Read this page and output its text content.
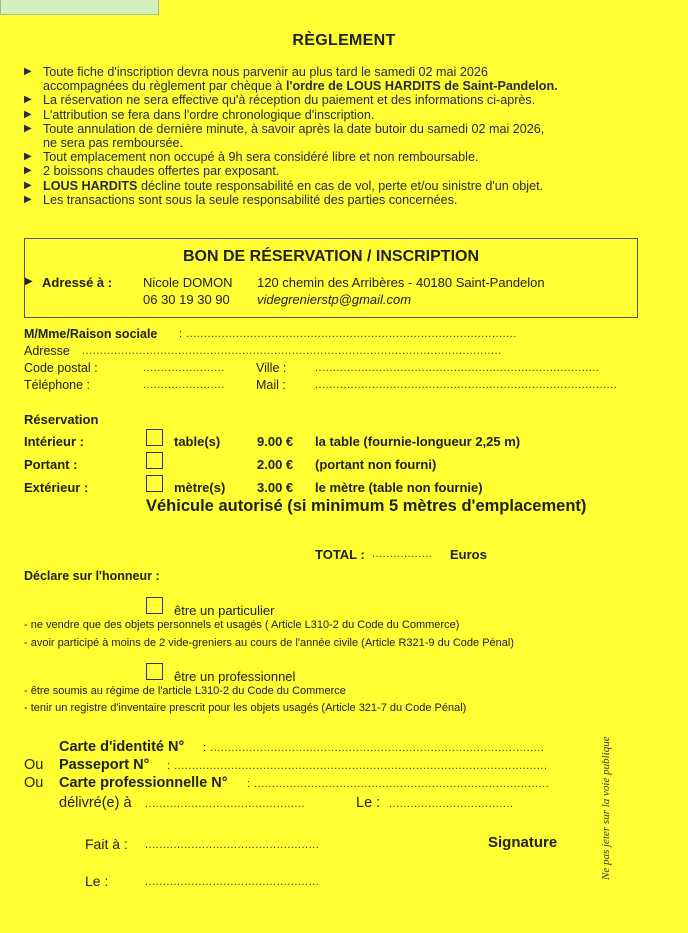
RÈGLEMENT
▶ Toute fiche d'inscription devra nous parvenir au plus tard le samedi 02 mai 2026
accompagnées du règlement par chèque à l'ordre de LOUS HARDITS de Saint-Pandelon.
▶ La réservation ne sera effective qu'à réception du paiement et des informations ci-après.
▶ L'attribution se fera dans l'ordre chronologique d'inscription.
▶ Toute annulation de dernière minute, à savoir après la date butoir du samedi 02 mai 2026,
ne sera pas remboursée.
▶ Tout emplacement non occupé à 9h sera considéré libre et non remboursable.
▶ 2 boissons chaudes offertes par exposant.
▶ LOUS HARDITS décline toute responsabilité en cas de vol, perte et/ou sinistre d'un objet.
▶ Les transactions sont sous la seule responsabilité des parties concernées.
BON DE RÉSERVATION / INSCRIPTION
▶ Adressé à : Nicole DOMON 120 chemin des Arribères - 40180 Saint-Pandelon
06 30 19 30 90 videgrenierstp@gmail.com
M/Mme/Raison sociale : .............................................................................................
Adresse ......................................................................................................................
Code postal :	....................... Ville :	................................................................................
Téléphone :	....................... Mail :	.....................................................................................
Réservation
Intérieur :	table(s)	9.00 € la table (fournie-longueur 2,25 m)
Portant :	2.00 € (portant non fourni)
Extérieur :	mètre(s) 3.00 € le mètre (table non fournie)
Véhicule autorisé (si minimum 5 mètres d'emplacement)
TOTAL : ................. Euros
Déclare sur l'honneur :
être un particulier
- ne vendre que des objets personnels et usagés ( Article L310-2 du Code du Commerce)
- avoir participé à moins de 2 vide-greniers au cours de l'année civile (Article R321-9 du Code Pénal)
être un professionnel
- être soumis au régime de l'article L310-2 du Code du Commerce
- tenir un registre d'inventaire prescrit pour les objets usagés (Article 321-7 du Code Pénal)
Carte d'identité N° : ..............................................................................................
Ou Passeport N° : .........................................................................................................
Ou Carte professionnelle N° : ...................................................................................
délivré(e) à .............................................	Le : ...................................
Fait à : .................................................	Signature
Le :	.................................................
Ne pas jeter sur la voie publique
